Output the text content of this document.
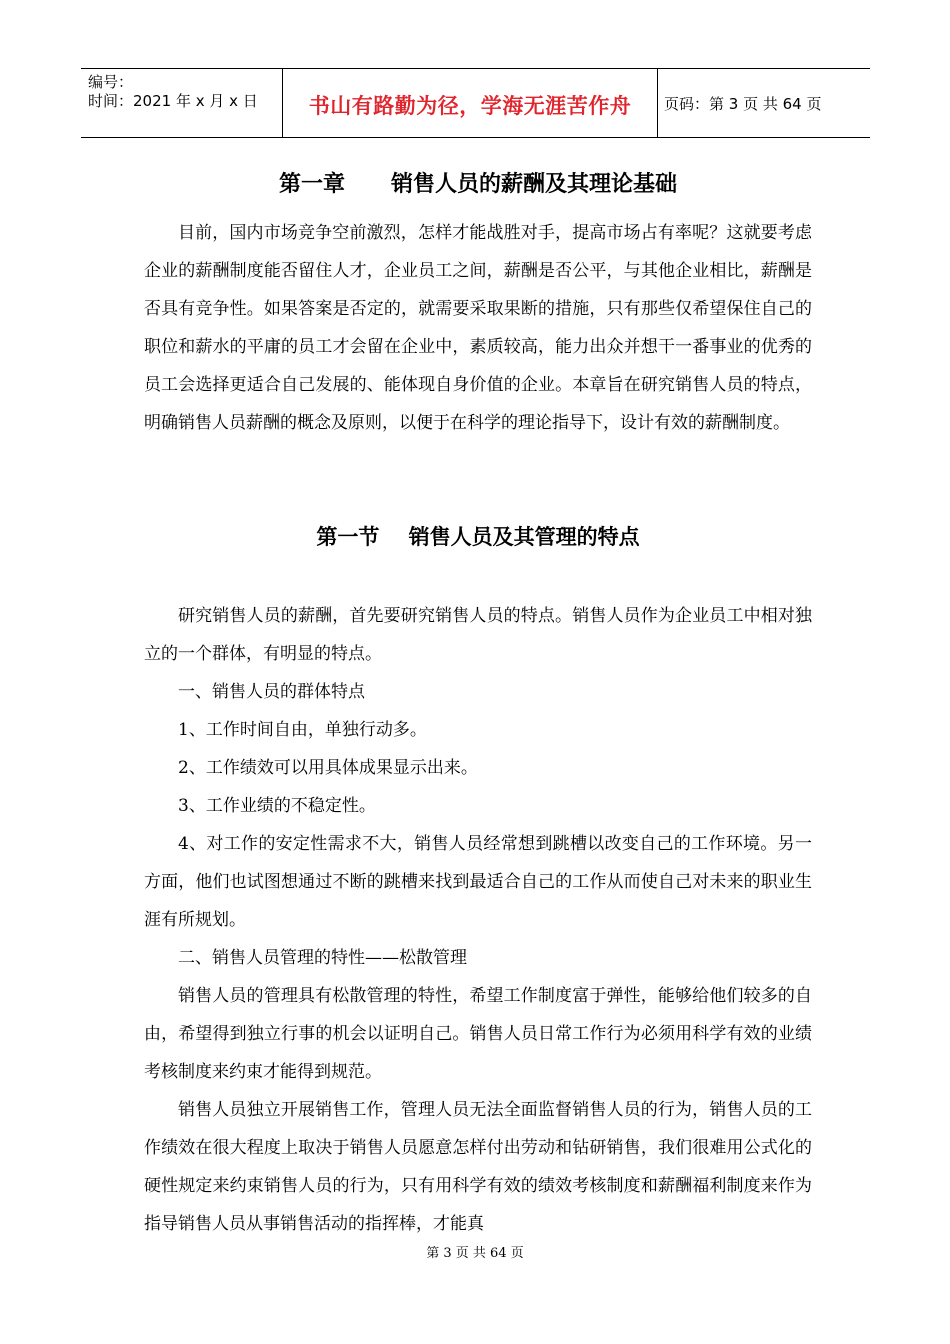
编号：
时间：2021 年 x 月 x 日 书山有路勤为径，学海无涯苦作舟 页码：第 3 页 共 64 页
第一章      销售人员的薪酬及其理论基础

目前，国内市场竞争空前激烈，怎样才能战胜对手，提高市场占有率呢？这就要考虑企业的薪酬制度能否留住人才，企业员工之间，薪酬是否公平，与其他企业相比，薪酬是否具有竞争性。如果答案是否定的，就需要采取果断的措施，只有那些仅希望保住自己的职位和薪水的平庸的员工才会留在企业中，素质较高，能力出众并想干一番事业的优秀的员工会选择更适合自己发展的、能体现自身价值的企业。本章旨在研究销售人员的特点，明确销售人员薪酬的概念及原则，以便于在科学的理论指导下，设计有效的薪酬制度。

第一节    销售人员及其管理的特点

研究销售人员的薪酬，首先要研究销售人员的特点。销售人员作为企业员工中相对独立的一个群体，有明显的特点。

一、销售人员的群体特点

1、工作时间自由，单独行动多。

2、工作绩效可以用具体成果显示出来。

3、工作业绩的不稳定性。

4、对工作的安定性需求不大，销售人员经常想到跳槽以改变自己的工作环境。另一方面，他们也试图想通过不断的跳槽来找到最适合自己的工作从而使自己对未来的职业生涯有所规划。

二、销售人员管理的特性——松散管理

销售人员的管理具有松散管理的特性，希望工作制度富于弹性，能够给他们较多的自由，希望得到独立行事的机会以证明自己。销售人员日常工作行为必须用科学有效的业绩考核制度来约束才能得到规范。

销售人员独立开展销售工作，管理人员无法全面监督销售人员的行为，销售人员的工作绩效在很大程度上取决于销售人员愿意怎样付出劳动和钻研销售，我们很难用公式化的硬性规定来约束销售人员的行为，只有用科学有效的绩效考核制度和薪酬福利制度来作为指导销售人员从事销售活动的指挥棒，才能真

第 3 页 共 64 页
